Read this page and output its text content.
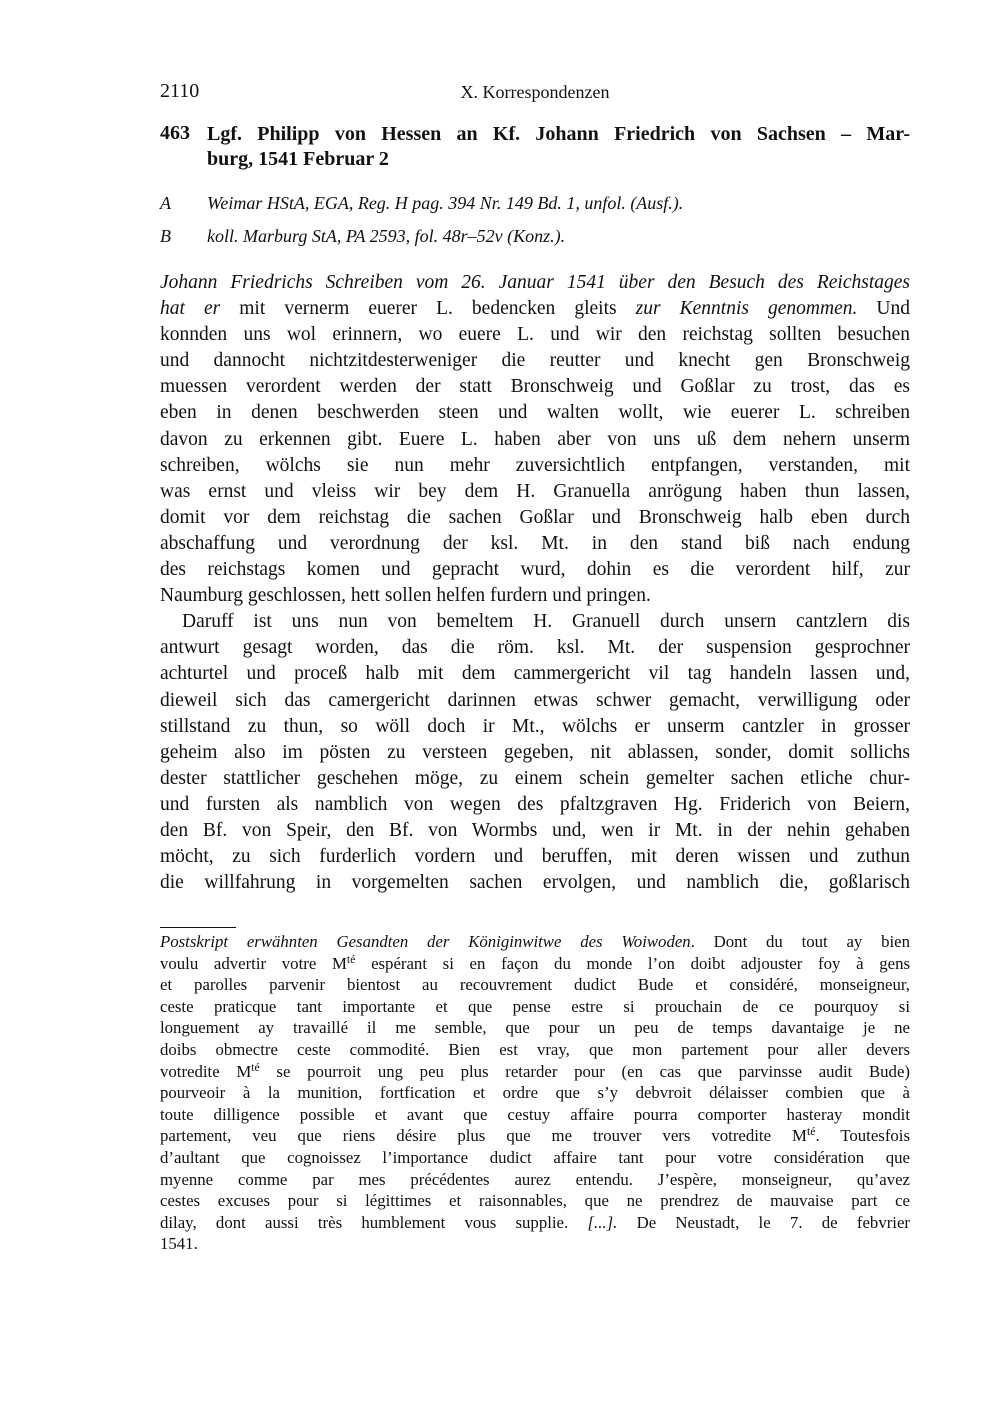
2110	X. Korrespondenzen
463 Lgf. Philipp von Hessen an Kf. Johann Friedrich von Sachsen – Mar-
burg, 1541 Februar 2
A Weimar HStA, EGA, Reg. H pag. 394 Nr. 149 Bd. 1, unfol. (Ausf.).
B koll. Marburg StA, PA 2593, fol. 48r–52v (Konz.).
Johann Friedrichs Schreiben vom 26. Januar 1541 über den Besuch des Reichstages
hat er mit vernerm euerer L. bedencken gleits zur Kenntnis genommen. Und
konnden uns wol erinnern, wo euere L. und wir den reichstag sollten besuchen
und dannocht nichtzitdesterweniger die reutter und knecht gen Bronschweig
muessen verordent werden der statt Bronschweig und Goßlar zu trost, das es
eben in denen beschwerden steen und walten wollt, wie euerer L. schreiben
davon zu erkennen gibt. Euere L. haben aber von uns uß dem nehern unserm
schreiben, wölchs sie nun mehr zuversichtlich entpfangen, verstanden, mit
was ernst und vleiss wir bey dem H. Granuella anrögung haben thun lassen,
domit vor dem reichstag die sachen Goßlar und Bronschweig halb eben durch
abschaffung und verordnung der ksl. Mt. in den stand biß nach endung
des reichstags komen und gepracht wurd, dohin es die verordent hilf, zur
Naumburg geschlossen, hett sollen helfen furdern und pringen.
Daruff ist uns nun von bemeltem H. Granuell durch unsern cantzlern dis
antwurt gesagt worden, das die röm. ksl. Mt. der suspension gesprochner
achturtel und proceß halb mit dem cammergericht vil tag handeln lassen und,
dieweil sich das camergericht darinnen etwas schwer gemacht, verwilligung oder
stillstand zu thun, so wöll doch ir Mt., wölchs er unserm cantzler in grosser
geheim also im pösten zu versteen gegeben, nit ablassen, sonder, domit sollichs
dester stattlicher geschehen möge, zu einem schein gemelter sachen etliche chur-
und fursten als namblich von wegen des pfaltzgraven Hg. Friderich von Beiern,
den Bf. von Speir, den Bf. von Wormbs und, wen ir Mt. in der nehin gehaben
möcht, zu sich furderlich vordern und beruffen, mit deren wissen und zuthun
die willfahrung in vorgemelten sachen ervolgen, und namblich die, goßlarisch
Postskript erwähnten Gesandten der Königinwitwe des Woiwoden. Dont du tout ay bien
voulu advertir votre $M^{té}$ espérant si en façon du monde l’on doibt adjouster foy à gens
et parolles parvenir bientost au recouvrement dudict Bude et considéré, monseigneur,
ceste praticque tant importante et que pense estre si prouchain de ce pourquoy si
longuement ay travaillé il me semble, que pour un peu de temps davantaige je ne
doibs obmectre ceste commodité. Bien est vray, que mon partement pour aller devers
votredite $M^{té}$ se pourroit ung peu plus retarder pour (en cas que parvinsse audit Bude)
pourveoir à la munition, fortfication et ordre que s’y debvroit délaisser combien que à
toute dilligence possible et avant que cestuy affaire pourra comporter hasteray mondit
partement, veu que riens désire plus que me trouver vers votredite $M^{té}$. Toutesfois
d’aultant que cognoissez l’importance dudict affaire tant pour votre considération que
myenne comme par mes précédentes aurez entendu. J’espère, monseigneur, qu’avez
cestes excuses pour si légittimes et raisonnables, que ne prendrez de mauvaise part ce
dilay, dont aussi très humblement vous supplie. [...]. De Neustadt, le 7. de febvrier
1541.
